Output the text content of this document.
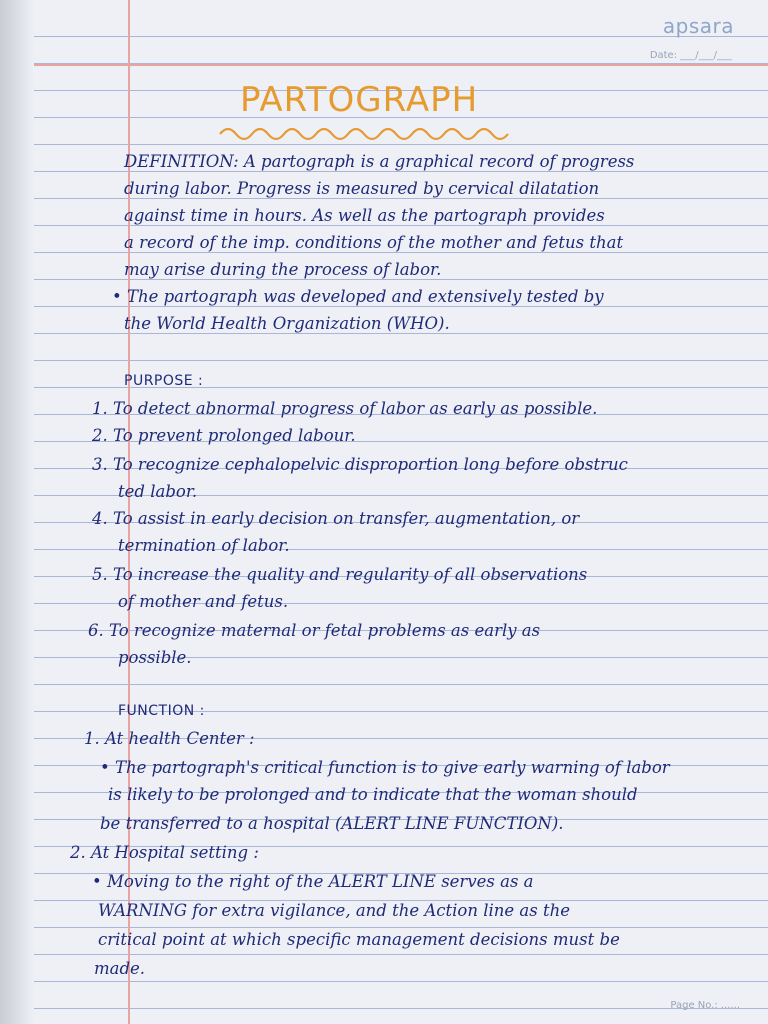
apsara
Date: ___/___/___
PARTOGRAPH
DEFINITION: A partograph is a graphical record of progress
during labor. Progress is measured by cervical dilatation
against time in hours. As well as the partograph provides
a record of the imp. conditions of the mother and fetus that
may arise during the process of labor.
• The partograph was developed and extensively tested by
the World Health Organization (WHO).
PURPOSE :
1. To detect abnormal progress of labor as early as possible.
2. To prevent prolonged labour.
3. To recognize cephalopelvic disproportion long before obstruc
ted labor.
4. To assist in early decision on transfer, augmentation, or
termination of labor.
5. To increase the quality and regularity of all observations
of mother and fetus.
6. To recognize maternal or fetal problems as early as
possible.
FUNCTION :
1. At health Center :
• The partograph's critical function is to give early warning of labor
is likely to be prolonged and to indicate that the woman should
be transferred to a hospital (ALERT LINE FUNCTION).
2. At Hospital setting :
• Moving to the right of the ALERT LINE serves as a
WARNING for extra vigilance, and the Action line as the
critical point at which specific management decisions must be
made.
Page No.: ......
